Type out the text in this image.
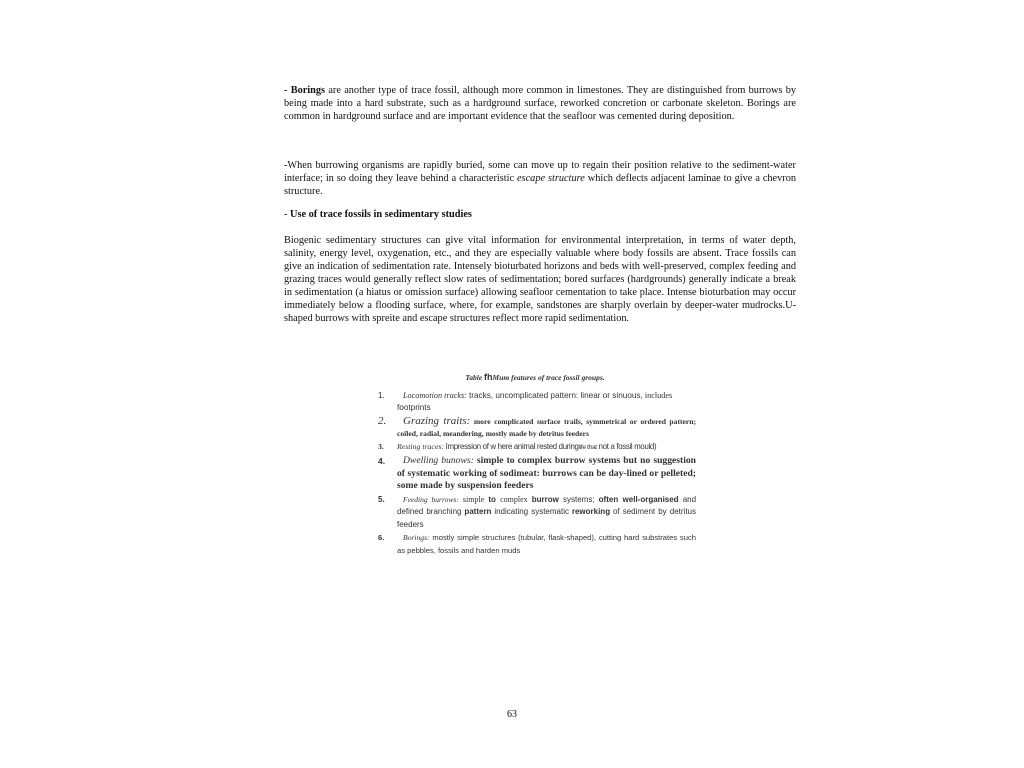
- Borings are another type of trace fossil, although more common in limestones. They are distinguished from burrows by being made into a hard substrate, such as a hardground surface, reworked concretion or carbonate skeleton. Borings are common in hardground surface and are important evidence that the seafloor was cemented during deposition.
-When burrowing organisms are rapidly buried, some can move up to regain their position relative to the sediment-water interface; in so doing they leave behind a characteristic escape structure which deflects adjacent laminae to give a chevron structure.
- Use of trace fossils in sedimentary studies
Biogenic sedimentary structures can give vital information for environmental interpretation, in terms of water depth, salinity, energy level, oxygenation, etc., and they are especially valuable where body fossils are absent. Trace fossils can give an indication of sedimentation rate. Intensely bioturbated horizons and beds with well-preserved, complex feeding and grazing traces would generally reflect slow rates of sedimentation; bored surfaces (hardgrounds) generally indicate a break in sedimentation (a hiatus or omission surface) allowing seafloor cementation to take place. Intense bioturbation may occur immediately below a flooding surface, where, for example, sandstones are sharply overlain by deeper-water mudrocks.U-shaped burrows with spreite and escape structures reflect more rapid sedimentation.
Table fhMum features of trace fossil groups.
1.	Locomotion tracks: tracks, uncomplicated pattern: linear or sinuous, includes
footprints
2.	Grazing traits: more complicated surface trails, symmetrical or ordered pattern; coiled, radial, meandering, mostly made by detritus feeders
3.	Resting traces: Impression of w here animal rested duringlife that not a fossil mould)
4.	Dwelling bunows: simple to complex burrow systems but no suggestion of systematic working of sodimeat: burrows can be day-lined or pelleted; some made by suspension feeders
5.	Feeding burrows: simple to complex burrow systems; often well-organised and defined branching pattern indicating systematic reworking of sediment by detritus feeders
6.	Borings: mostly simple structures (tubular, flask-shaped), cutting hard substrates such as pebbles, fossils and harden muds
63
